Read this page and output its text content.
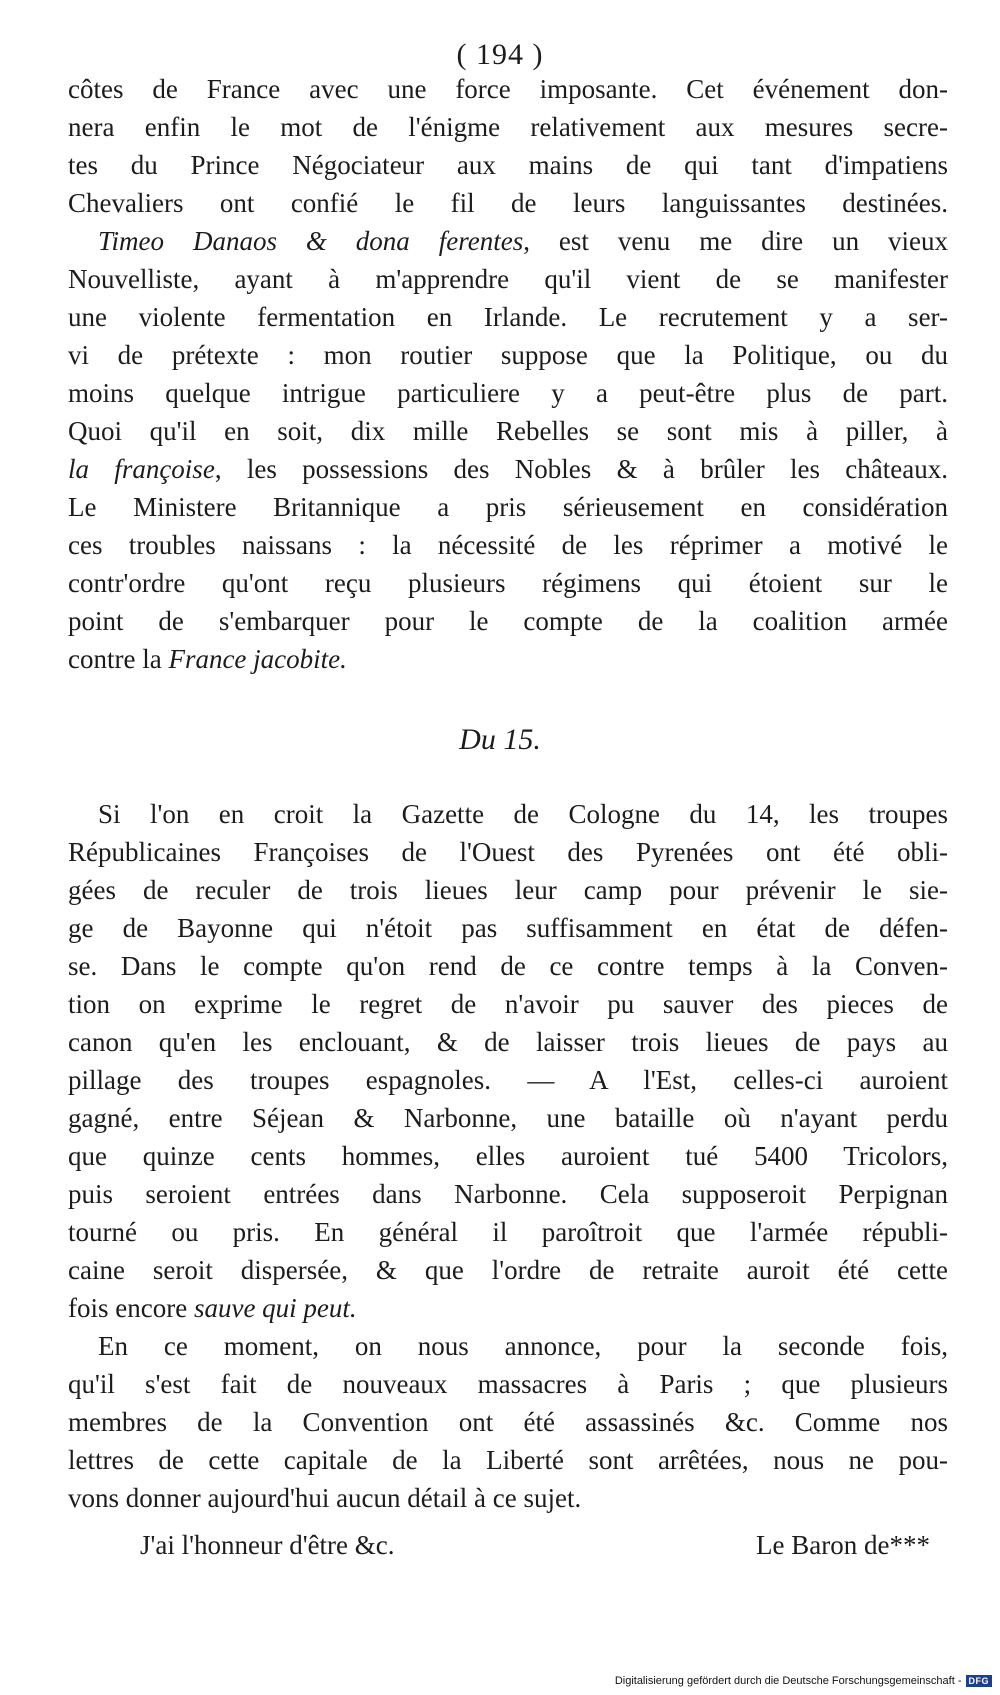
( 194 )
côtes de France avec une force imposante. Cet événement don-
nera enfin le mot de l'énigme relativement aux mesures secre-
tes du Prince Négociateur aux mains de qui tant d'impatiens
Chevaliers ont confié le fil de leurs languissantes destinées.
Timeo Danaos & dona ferentes, est venu me dire un vieux
Nouvelliste, ayant à m'apprendre qu'il vient de se manifester
une violente fermentation en Irlande. Le recrutement y a ser-
vi de prétexte : mon routier suppose que la Politique, ou du
moins quelque intrigue particuliere y a peut-être plus de part.
Quoi qu'il en soit, dix mille Rebelles se sont mis à piller, à
la françoise, les possessions des Nobles & à brûler les châteaux.
Le Ministere Britannique a pris sérieusement en considération
ces troubles naissans : la nécessité de les réprimer a motivé le
contr'ordre qu'ont reçu plusieurs régimens qui étoient sur le
point de s'embarquer pour le compte de la coalition armée
contre la France jacobite.
Du 15.
Si l'on en croit la Gazette de Cologne du 14, les troupes
Républicaines Françoises de l'Ouest des Pyrenées ont été obli-
gées de reculer de trois lieues leur camp pour prévenir le sie-
ge de Bayonne qui n'étoit pas suffisamment en état de défen-
se. Dans le compte qu'on rend de ce contre temps à la Conven-
tion on exprime le regret de n'avoir pu sauver des pieces de
canon qu'en les enclouant, & de laisser trois lieues de pays au
pillage des troupes espagnoles. — A l'Est, celles-ci auroient
gagné, entre Séjean & Narbonne, une bataille où n'ayant perdu
que quinze cents hommes, elles auroient tué 5400 Tricolors,
puis seroient entrées dans Narbonne. Cela supposeroit Perpignan
tourné ou pris. En général il paroîtroit que l'armée républi-
caine seroit dispersée, & que l'ordre de retraite auroit été cette
fois encore sauve qui peut.
En ce moment, on nous annonce, pour la seconde fois,
qu'il s'est fait de nouveaux massacres à Paris ; que plusieurs
membres de la Convention ont été assassinés &c. Comme nos
lettres de cette capitale de la Liberté sont arrêtées, nous ne pou-
vons donner aujourd'hui aucun détail à ce sujet.
J'ai l'honneur d'être &c.	Le Baron de***
Digitalisierung gefördert durch die Deutsche Forschungsgemeinschaft - DFG
